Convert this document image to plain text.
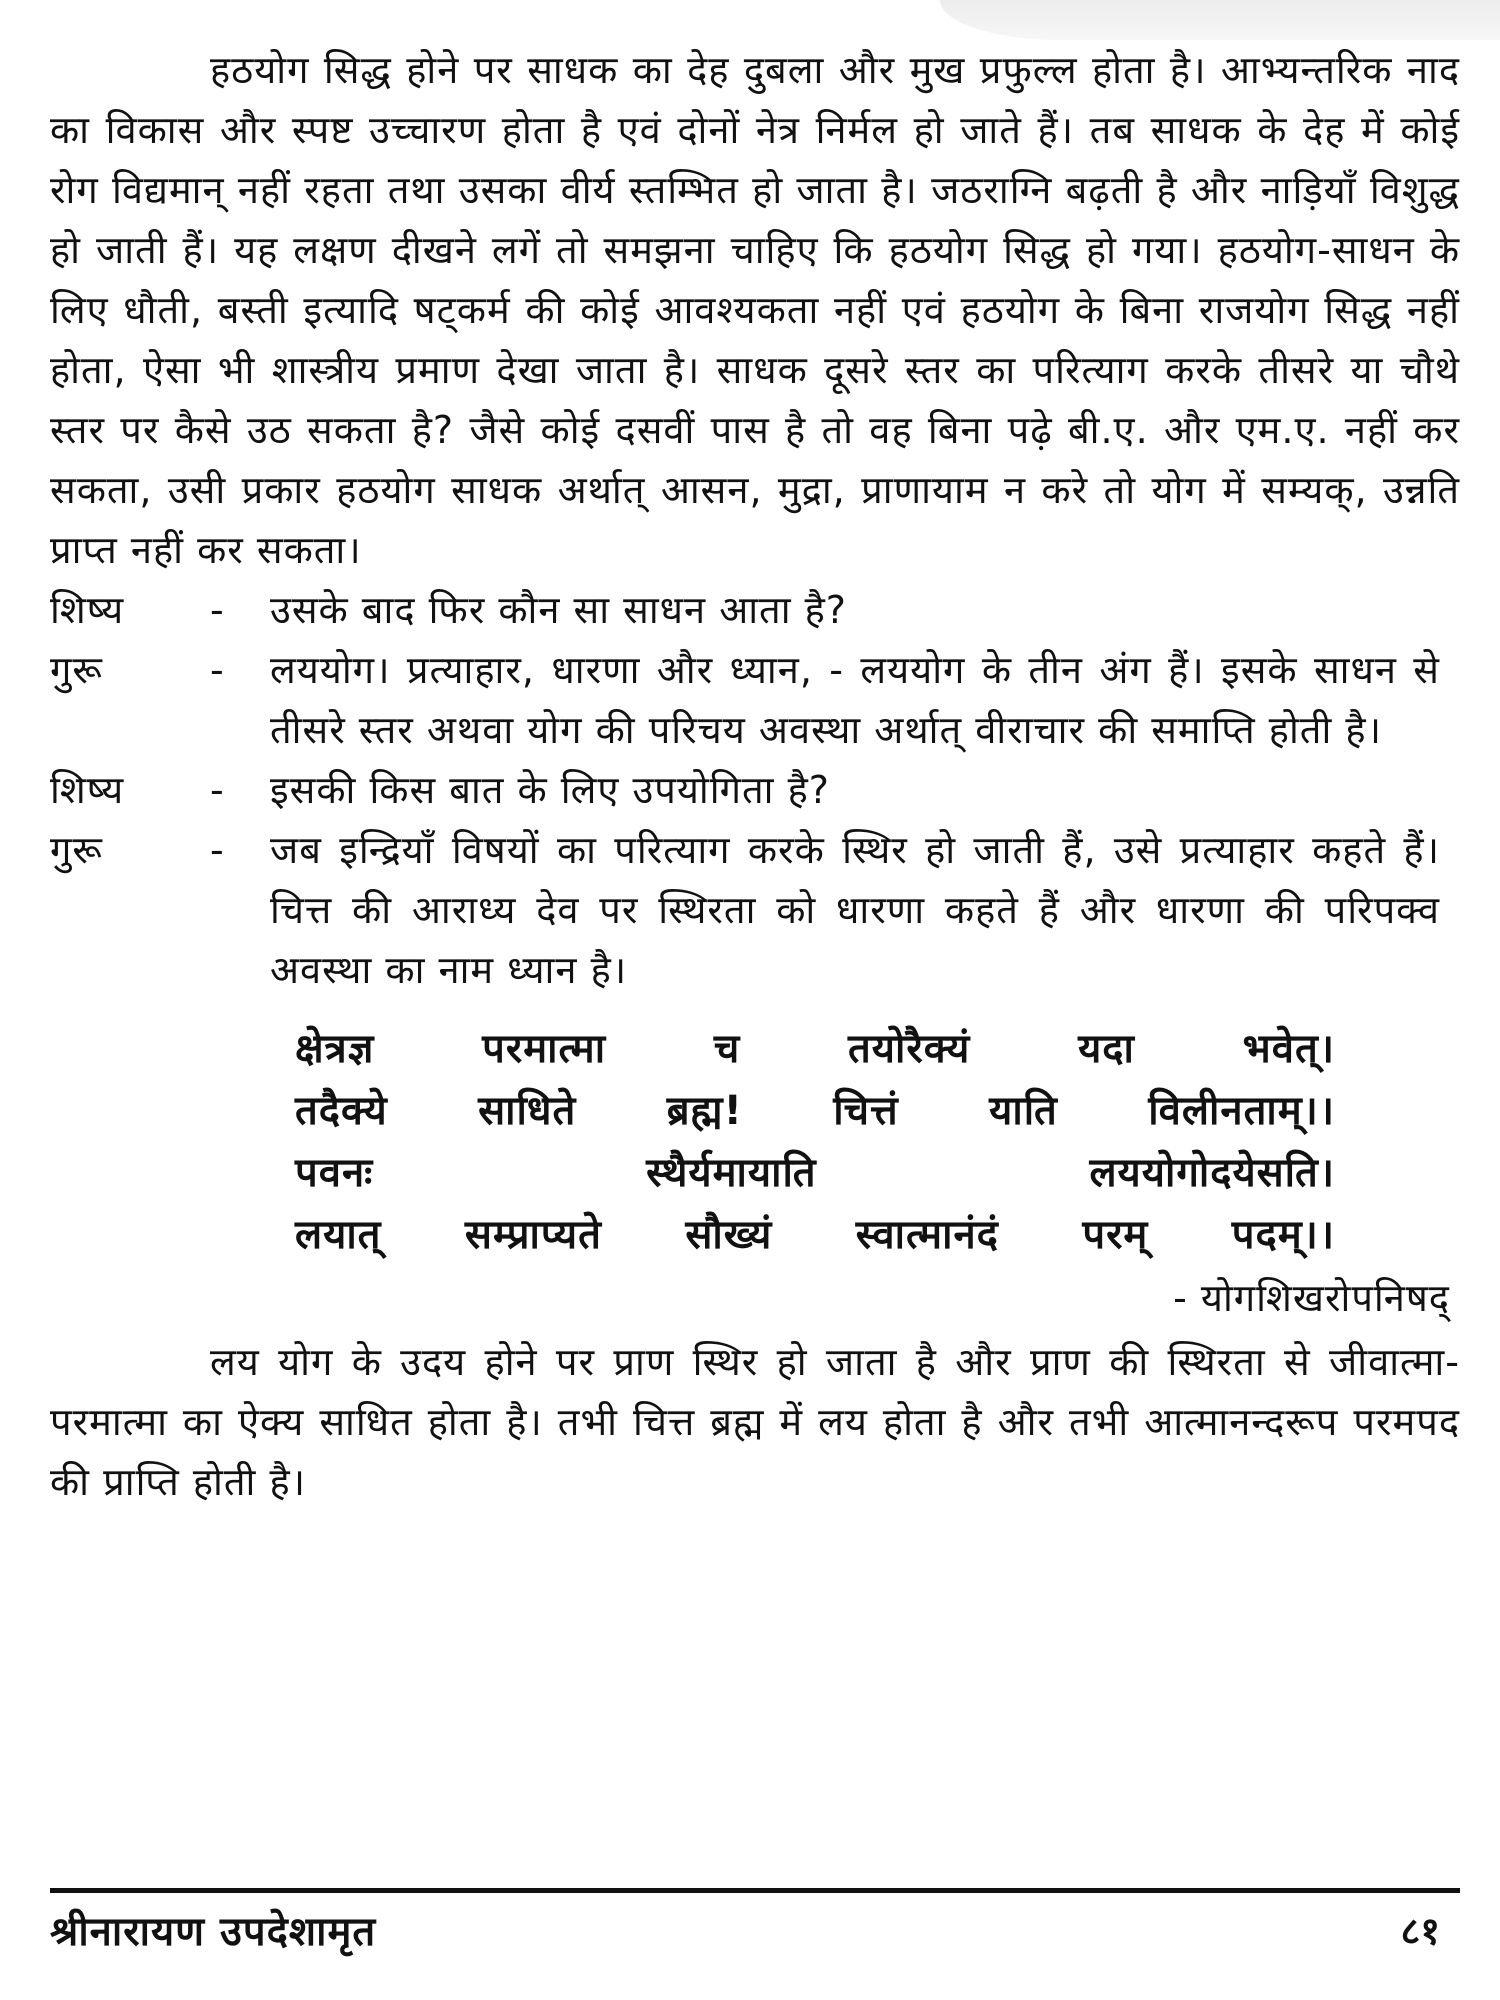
हठयोग सिद्ध होने पर साधक का देह दुबला और मुख प्रफुल्ल होता है। आभ्यन्तरिक नाद का विकास और स्पष्ट उच्चारण होता है एवं दोनों नेत्र निर्मल हो जाते हैं। तब साधक के देह में कोई रोग विद्यमान् नहीं रहता तथा उसका वीर्य स्तम्भित हो जाता है। जठराग्नि बढ़ती है और नाड़ियाँ विशुद्ध हो जाती हैं। यह लक्षण दीखने लगें तो समझना चाहिए कि हठयोग सिद्ध हो गया। हठयोग-साधन के लिए धौती, बस्ती इत्यादि षट्कर्म की कोई आवश्यकता नहीं एवं हठयोग के बिना राजयोग सिद्ध नहीं होता, ऐसा भी शास्त्रीय प्रमाण देखा जाता है। साधक दूसरे स्तर का परित्याग करके तीसरे या चौथे स्तर पर कैसे उठ सकता है? जैसे कोई दसवीं पास है तो वह बिना पढ़े बी.ए. और एम.ए. नहीं कर सकता, उसी प्रकार हठयोग साधक अर्थात् आसन, मुद्रा, प्राणायाम न करे तो योग में सम्यक्, उन्नति प्राप्त नहीं कर सकता।

शिष्य	-	उसके बाद फिर कौन सा साधन आता है?
गुरू	-	लययोग। प्रत्याहार, धारणा और ध्यान, - लययोग के तीन अंग हैं। इसके साधन से तीसरे स्तर अथवा योग की परिचय अवस्था अर्थात् वीराचार की समाप्ति होती है।
शिष्य	-	इसकी किस बात के लिए उपयोगिता है?
गुरू	-	जब इन्द्रियाँ विषयों का परित्याग करके स्थिर हो जाती हैं, उसे प्रत्याहार कहते हैं। चित्त की आराध्य देव पर स्थिरता को धारणा कहते हैं और धारणा की परिपक्व अवस्था का नाम ध्यान है।
क्षेत्रज्ञ परमात्मा च तयोरैक्यं यदा भवेत्।
तदैक्ये साधिते ब्रह्म! चित्तं याति विलीनताम्।।
पवनः स्थैर्यमायाति लययोगोदयेसति।
लयात् सम्प्राप्यते सौख्यं स्वात्मानंदं परम् पदम्।।
- योगशिखरोपनिषद्

लय योग के उदय होने पर प्राण स्थिर हो जाता है और प्राण की स्थिरता से जीवात्मा-परमात्मा का ऐक्य साधित होता है। तभी चित्त ब्रह्म में लय होता है और तभी आत्मानन्दरूप परमपद की प्राप्ति होती है।

श्रीनारायण उपदेशामृत	८१
